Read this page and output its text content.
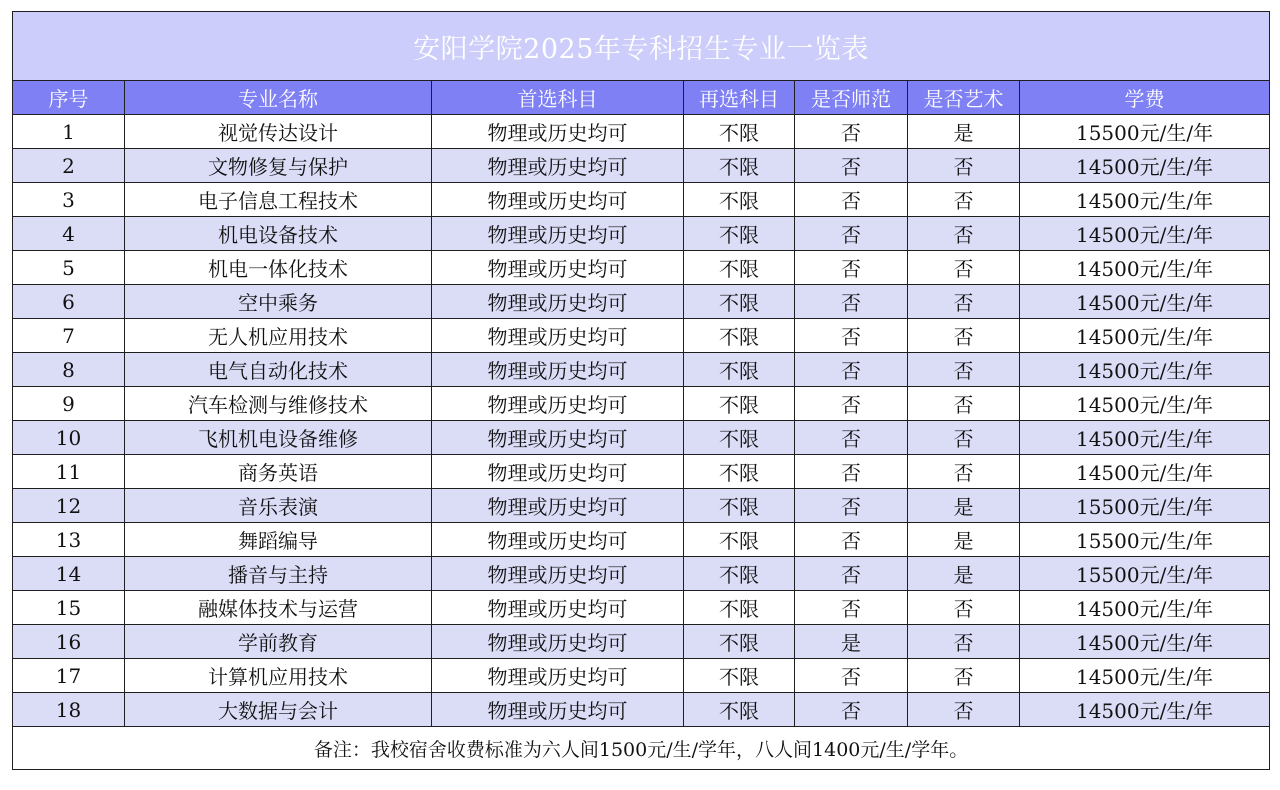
安阳学院2025年专科招生专业一览表						
序号	专业名称	首选科目	再选科目	是否师范	是否艺术	学费
1	视觉传达设计	物理或历史均可	不限	否	是	15500元/生/年
2	文物修复与保护	物理或历史均可	不限	否	否	14500元/生/年
3	电子信息工程技术	物理或历史均可	不限	否	否	14500元/生/年
4	机电设备技术	物理或历史均可	不限	否	否	14500元/生/年
5	机电一体化技术	物理或历史均可	不限	否	否	14500元/生/年
6	空中乘务	物理或历史均可	不限	否	否	14500元/生/年
7	无人机应用技术	物理或历史均可	不限	否	否	14500元/生/年
8	电气自动化技术	物理或历史均可	不限	否	否	14500元/生/年
9	汽车检测与维修技术	物理或历史均可	不限	否	否	14500元/生/年
10	飞机机电设备维修	物理或历史均可	不限	否	否	14500元/生/年
11	商务英语	物理或历史均可	不限	否	否	14500元/生/年
12	音乐表演	物理或历史均可	不限	否	是	15500元/生/年
13	舞蹈编导	物理或历史均可	不限	否	是	15500元/生/年
14	播音与主持	物理或历史均可	不限	否	是	15500元/生/年
15	融媒体技术与运营	物理或历史均可	不限	否	否	14500元/生/年
16	学前教育	物理或历史均可	不限	是	否	14500元/生/年
17	计算机应用技术	物理或历史均可	不限	否	否	14500元/生/年
18	大数据与会计	物理或历史均可	不限	否	否	14500元/生/年
备注：我校宿舍收费标准为六人间1500元/生/学年，八人间1400元/生/学年。						
